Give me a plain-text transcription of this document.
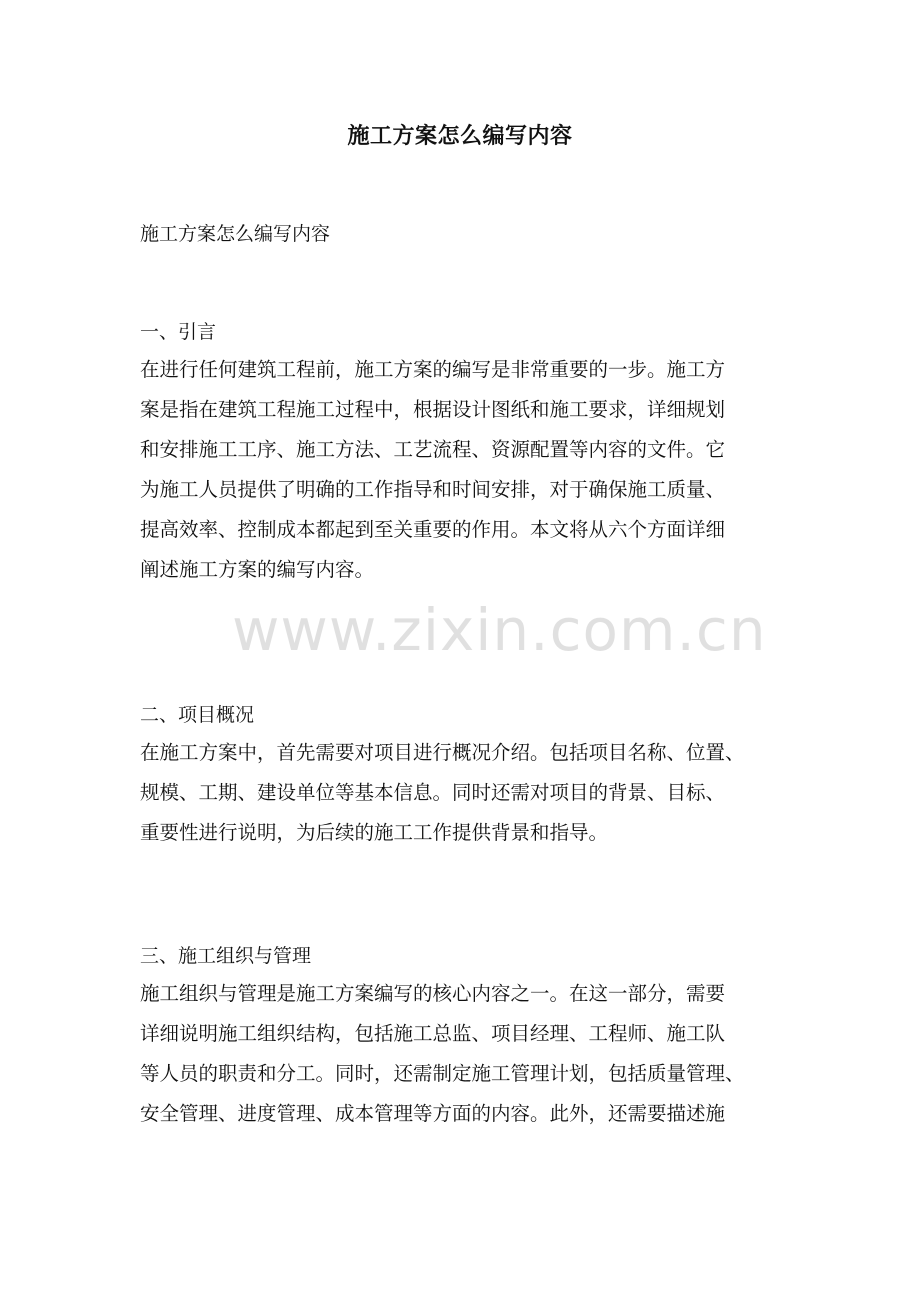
施工方案怎么编写内容
施工方案怎么编写内容
一、引言
在进行任何建筑工程前，施工方案的编写是非常重要的一步。施工方
案是指在建筑工程施工过程中，根据设计图纸和施工要求，详细规划
和安排施工工序、施工方法、工艺流程、资源配置等内容的文件。它
为施工人员提供了明确的工作指导和时间安排，对于确保施工质量、
提高效率、控制成本都起到至关重要的作用。本文将从六个方面详细
阐述施工方案的编写内容。
二、项目概况
在施工方案中，首先需要对项目进行概况介绍。包括项目名称、位置、
规模、工期、建设单位等基本信息。同时还需对项目的背景、目标、
重要性进行说明，为后续的施工工作提供背景和指导。
三、施工组织与管理
施工组织与管理是施工方案编写的核心内容之一。在这一部分，需要
详细说明施工组织结构，包括施工总监、项目经理、工程师、施工队
等人员的职责和分工。同时，还需制定施工管理计划，包括质量管理、
安全管理、进度管理、成本管理等方面的内容。此外，还需要描述施
www.zixin.com.cn
